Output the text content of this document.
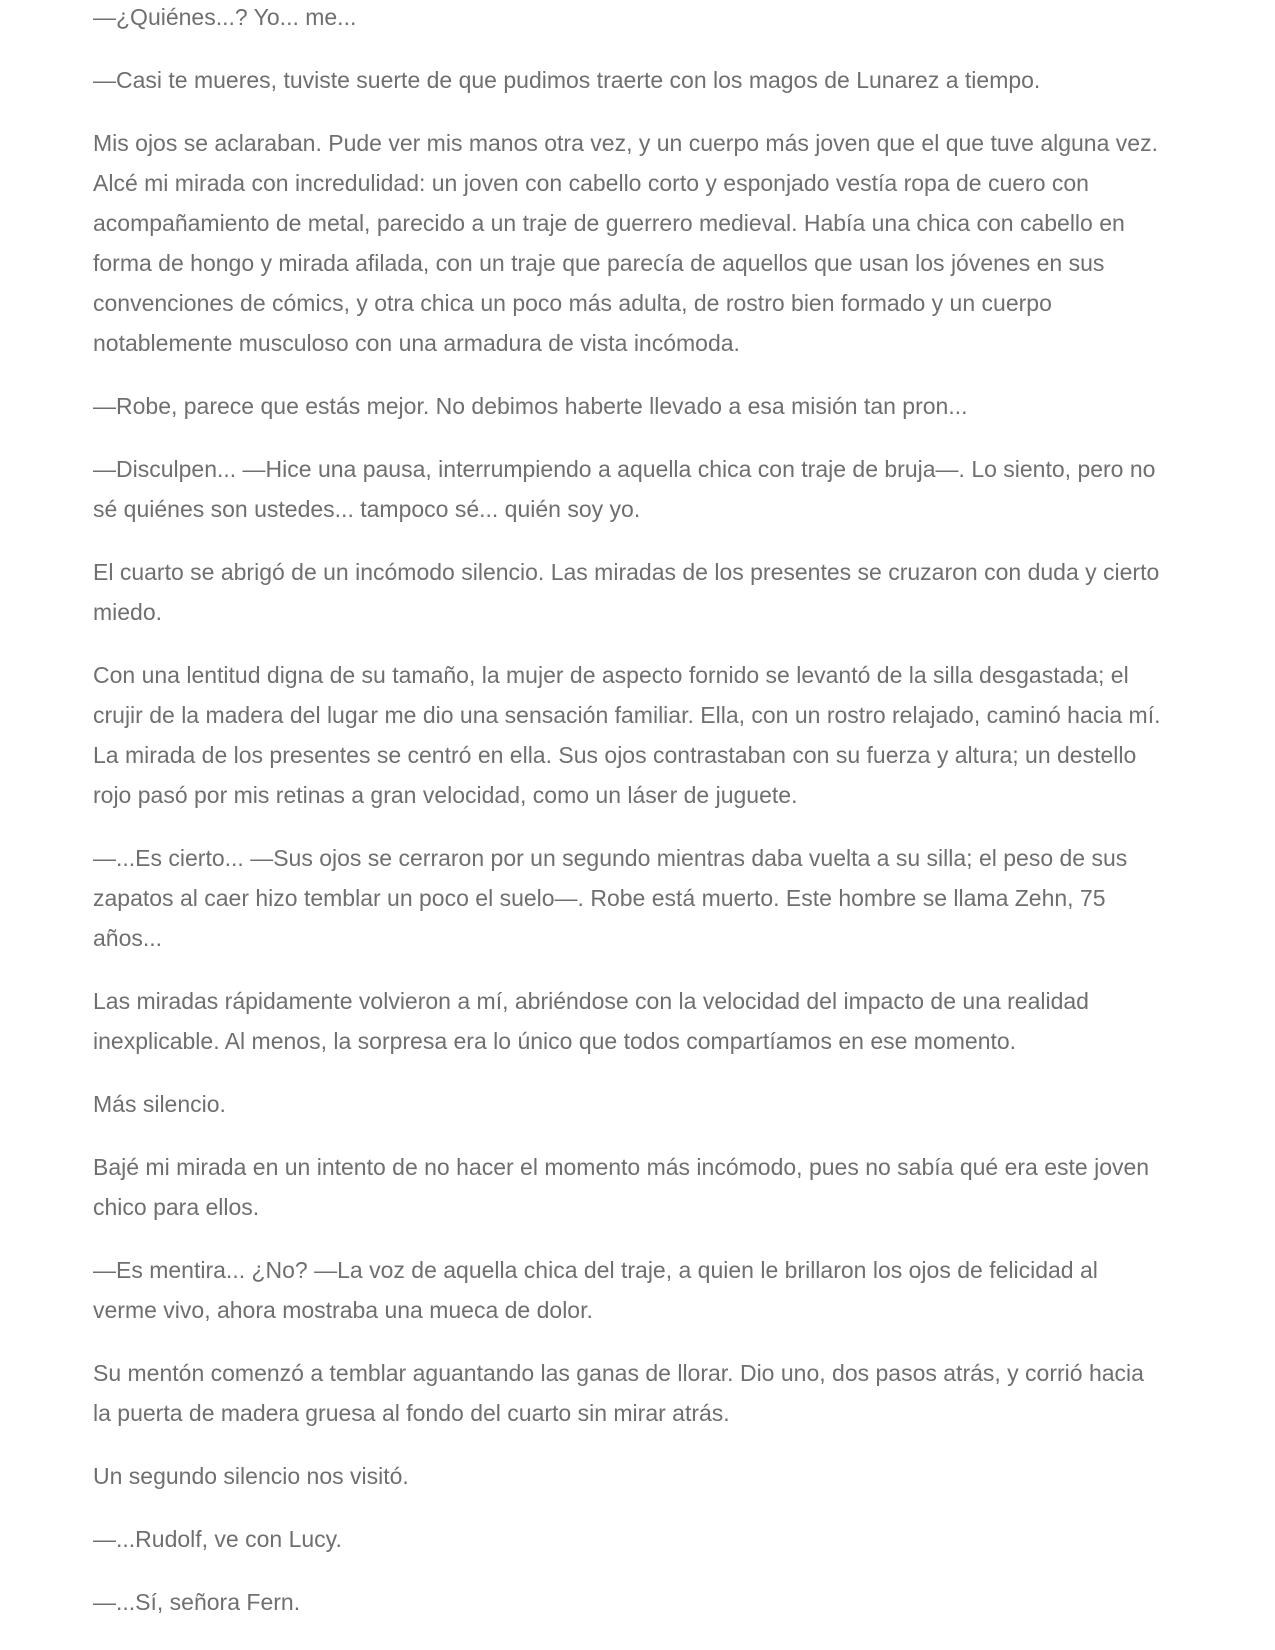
—¿Quiénes...? Yo... me...

—Casi te mueres, tuviste suerte de que pudimos traerte con los magos de Lunarez a tiempo.

Mis ojos se aclaraban. Pude ver mis manos otra vez, y un cuerpo más joven que el que tuve alguna vez. Alcé mi mirada con incredulidad: un joven con cabello corto y esponjado vestía ropa de cuero con acompañamiento de metal, parecido a un traje de guerrero medieval. Había una chica con cabello en forma de hongo y mirada afilada, con un traje que parecía de aquellos que usan los jóvenes en sus convenciones de cómics, y otra chica un poco más adulta, de rostro bien formado y un cuerpo notablemente musculoso con una armadura de vista incómoda.

—Robe, parece que estás mejor. No debimos haberte llevado a esa misión tan pron...

—Disculpen... —Hice una pausa, interrumpiendo a aquella chica con traje de bruja—. Lo siento, pero no sé quiénes son ustedes... tampoco sé... quién soy yo.

El cuarto se abrigó de un incómodo silencio. Las miradas de los presentes se cruzaron con duda y cierto miedo.

Con una lentitud digna de su tamaño, la mujer de aspecto fornido se levantó de la silla desgastada; el crujir de la madera del lugar me dio una sensación familiar. Ella, con un rostro relajado, caminó hacia mí. La mirada de los presentes se centró en ella. Sus ojos contrastaban con su fuerza y altura; un destello rojo pasó por mis retinas a gran velocidad, como un láser de juguete.

—...Es cierto... —Sus ojos se cerraron por un segundo mientras daba vuelta a su silla; el peso de sus zapatos al caer hizo temblar un poco el suelo—. Robe está muerto. Este hombre se llama Zehn, 75 años...

Las miradas rápidamente volvieron a mí, abriéndose con la velocidad del impacto de una realidad inexplicable. Al menos, la sorpresa era lo único que todos compartíamos en ese momento.

Más silencio.

Bajé mi mirada en un intento de no hacer el momento más incómodo, pues no sabía qué era este joven chico para ellos.

—Es mentira... ¿No? —La voz de aquella chica del traje, a quien le brillaron los ojos de felicidad al verme vivo, ahora mostraba una mueca de dolor.

Su mentón comenzó a temblar aguantando las ganas de llorar. Dio uno, dos pasos atrás, y corrió hacia la puerta de madera gruesa al fondo del cuarto sin mirar atrás.

Un segundo silencio nos visitó.

—...Rudolf, ve con Lucy.

—...Sí, señora Fern.
